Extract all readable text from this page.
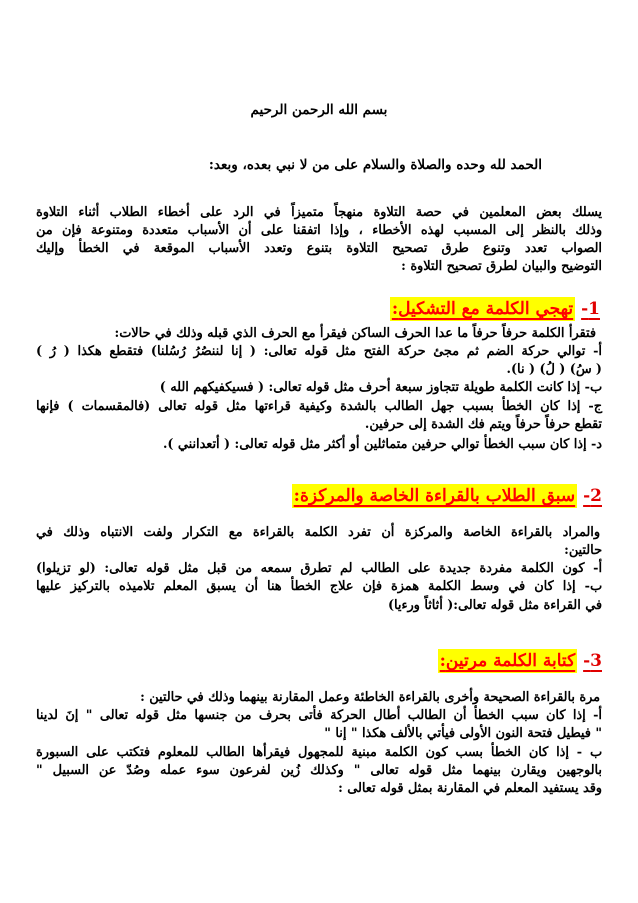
بسم الله الرحمن الرحيم
الحمد لله وحده والصلاة والسلام على من لا نبي بعده، وبعد:
يسلك بعض المعلمين في حصة التلاوة منهجاً متميزاً في الرد على أخطاء الطلاب أثناء التلاوة
وذلك بالنظر إلى المسبب لهذه الأخطاء ، وإذا اتفقنا على أن الأسباب متعددة ومتنوعة فإن من
الصواب تعدد وتنوع طرق تصحيح التلاوة بتنوع وتعدد الأسباب الموقعة في الخطأ وإليك
التوضيح والبيان لطرق تصحيح التلاوة :
1- تهجي الكلمة مع التشكيل:
فتقرأ الكلمة حرفاً حرفاً ما عدا الحرف الساكن فيقرأ مع الحرف الذي قبله وذلك في حالات:
أ- توالي حركة الضم ثم مجئ حركة الفتح مثل قوله تعالى: ( إنا لننصُرُ رُسُلنا) فتقطع هكذا ( رُ )
( سُ) ( لُ) ( نا).
ب- إذا كانت الكلمة طويلة تتجاوز سبعة أحرف مثل قوله تعالى: ( فسيكفيكهم الله )
ج- إذا كان الخطأ بسبب جهل الطالب بالشدة وكيفية قراءتها مثل قوله تعالى (فالمقسمات ) فإنها
تقطع حرفاً حرفاً ويتم فك الشدة إلى حرفين.
د- إذا كان سبب الخطأ توالي حرفين متماثلين أو أكثر مثل قوله تعالى: ( أتعدانني ).
2- سبق الطلاب بالقراءة الخاصة والمركزة:
والمراد بالقراءة الخاصة والمركزة أن تفرد الكلمة بالقراءة مع التكرار ولفت الانتباه وذلك في
حالتين:
أ- كون الكلمة مفردة جديدة على الطالب لم تطرق سمعه من قبل مثل قوله تعالى: (لو تزيلوا)
ب- إذا كان في وسط الكلمة همزة فإن علاج الخطأ هنا أن يسبق المعلم تلاميذه بالتركيز عليها
في القراءة مثل قوله تعالى:( أثاثاً ورءيا)
3- كتابة الكلمة مرتين:
مرة بالقراءة الصحيحة وأخرى بالقراءة الخاطئة وعمل المقارنة بينهما وذلك في حالتين :
أ- إذا كان سبب الخطأ أن الطالب أطال الحركة فأتى بحرف من جنسها مثل قوله تعالى " إنَ لدينا
" فيطيل فتحة النون الأولى فيأتي بالألف هكذا " إنا "
ب - إذا كان الخطأ بسب كون الكلمة مبنية للمجهول فيقرأها الطالب للمعلوم فتكتب على السبورة
بالوجهين ويقارن بينهما مثل قوله تعالى " وكذلك زُين لفرعون سوء عمله وصُدّ عن السبيل "
وقد يستفيد المعلم في المقارنة بمثل قوله تعالى :
